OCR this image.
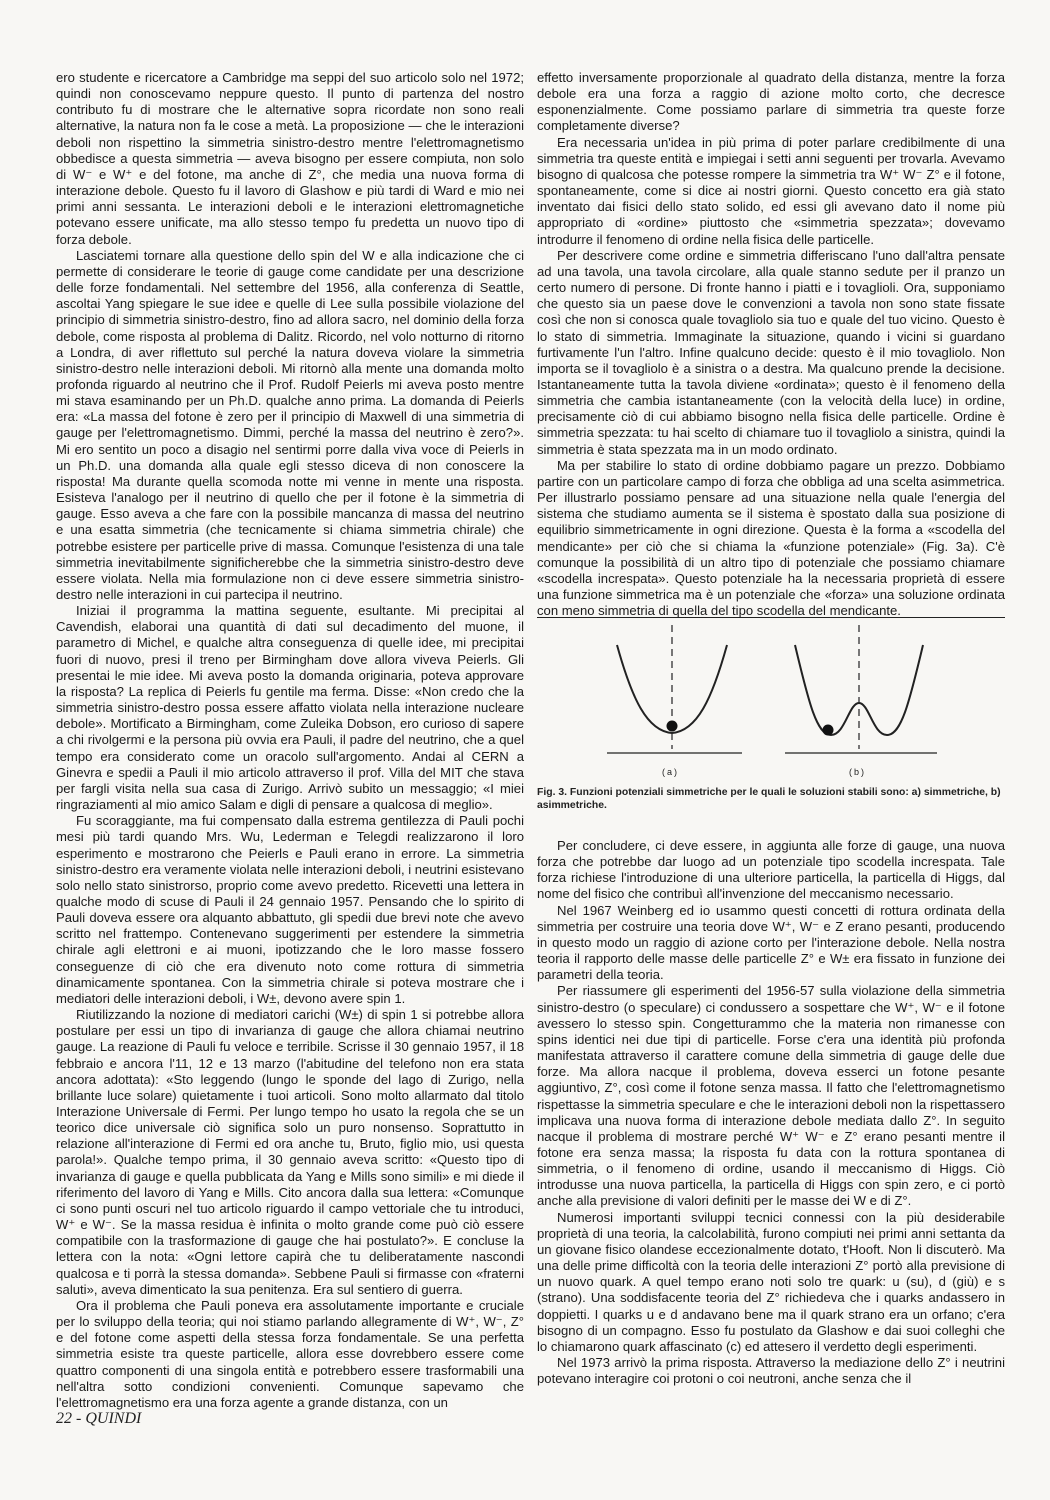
ero studente e ricercatore a Cambridge ma seppi del suo articolo solo nel 1972; quindi non conoscevamo neppure questo. Il punto di partenza del nostro contributo fu di mostrare che le alternative sopra ricordate non sono reali alternative, la natura non fa le cose a metà. La proposizione — che le interazioni deboli non rispettino la simmetria sinistro-destro mentre l'elettromagnetismo obbedisce a questa simmetria — aveva bisogno per essere compiuta, non solo di W⁻ e W⁺ e del fotone, ma anche di Z°, che media una nuova forma di interazione debole. Questo fu il lavoro di Glashow e più tardi di Ward e mio nei primi anni sessanta. Le interazioni deboli e le interazioni elettromagnetiche potevano essere unificate, ma allo stesso tempo fu predetta un nuovo tipo di forza debole.

Lasciatemi tornare alla questione dello spin del W e alla indicazione che ci permette di considerare le teorie di gauge come candidate per una descrizione delle forze fondamentali. Nel settembre del 1956, alla conferenza di Seattle, ascoltai Yang spiegare le sue idee e quelle di Lee sulla possibile violazione del principio di simmetria sinistro-destro, fino ad allora sacro, nel dominio della forza debole, come risposta al problema di Dalitz. Ricordo, nel volo notturno di ritorno a Londra, di aver riflettuto sul perché la natura doveva violare la simmetria sinistro-destro nelle interazioni deboli. Mi ritornò alla mente una domanda molto profonda riguardo al neutrino che il Prof. Rudolf Peierls mi aveva posto mentre mi stava esaminando per un Ph.D. qualche anno prima. La domanda di Peierls era: «La massa del fotone è zero per il principio di Maxwell di una simmetria di gauge per l'elettromagnetismo. Dimmi, perché la massa del neutrino è zero?». Mi ero sentito un poco a disagio nel sentirmi porre dalla viva voce di Peierls in un Ph.D. una domanda alla quale egli stesso diceva di non conoscere la risposta! Ma durante quella scomoda notte mi venne in mente una risposta. Esisteva l'analogo per il neutrino di quello che per il fotone è la simmetria di gauge. Esso aveva a che fare con la possibile mancanza di massa del neutrino e una esatta simmetria (che tecnicamente si chiama simmetria chirale) che potrebbe esistere per particelle prive di massa. Comunque l'esistenza di una tale simmetria inevitabilmente significherebbe che la simmetria sinistro-destro deve essere violata. Nella mia formulazione non ci deve essere simmetria sinistro-destro nelle interazioni in cui partecipa il neutrino.

Iniziai il programma la mattina seguente, esultante. Mi precipitai al Cavendish, elaborai una quantità di dati sul decadimento del muone, il parametro di Michel, e qualche altra conseguenza di quelle idee, mi precipitai fuori di nuovo, presi il treno per Birmingham dove allora viveva Peierls. Gli presentai le mie idee. Mi aveva posto la domanda originaria, poteva approvare la risposta? La replica di Peierls fu gentile ma ferma. Disse: «Non credo che la simmetria sinistro-destro possa essere affatto violata nella interazione nucleare debole». Mortificato a Birmingham, come Zuleika Dobson, ero curioso di sapere a chi rivolgermi e la persona più ovvia era Pauli, il padre del neutrino, che a quel tempo era considerato come un oracolo sull'argomento. Andai al CERN a Ginevra e spedii a Pauli il mio articolo attraverso il prof. Villa del MIT che stava per fargli visita nella sua casa di Zurigo. Arrivò subito un messaggio; «I miei ringraziamenti al mio amico Salam e digli di pensare a qualcosa di meglio».

Fu scoraggiante, ma fui compensato dalla estrema gentilezza di Pauli pochi mesi più tardi quando Mrs. Wu, Lederman e Telegdi realizzarono il loro esperimento e mostrarono che Peierls e Pauli erano in errore. La simmetria sinistro-destro era veramente violata nelle interazioni deboli, i neutrini esistevano solo nello stato sinistrorso, proprio come avevo predetto. Ricevetti una lettera in qualche modo di scuse di Pauli il 24 gennaio 1957. Pensando che lo spirito di Pauli doveva essere ora alquanto abbattuto, gli spedii due brevi note che avevo scritto nel frattempo. Contenevano suggerimenti per estendere la simmetria chirale agli elettroni e ai muoni, ipotizzando che le loro masse fossero conseguenze di ciò che era divenuto noto come rottura di simmetria dinamicamente spontanea. Con la simmetria chirale si poteva mostrare che i mediatori delle interazioni deboli, i W±, devono avere spin 1.

Riutilizzando la nozione di mediatori carichi (W±) di spin 1 si potrebbe allora postulare per essi un tipo di invarianza di gauge che allora chiamai neutrino gauge. La reazione di Pauli fu veloce e terribile. Scrisse il 30 gennaio 1957, il 18 febbraio e ancora l'11, 12 e 13 marzo (l'abitudine del telefono non era stata ancora adottata): «Sto leggendo (lungo le sponde del lago di Zurigo, nella brillante luce solare) quietamente i tuoi articoli. Sono molto allarmato dal titolo Interazione Universale di Fermi. Per lungo tempo ho usato la regola che se un teorico dice universale ciò significa solo un puro nonsenso. Soprattutto in relazione all'interazione di Fermi ed ora anche tu, Bruto, figlio mio, usi questa parola!». Qualche tempo prima, il 30 gennaio aveva scritto: «Questo tipo di invarianza di gauge e quella pubblicata da Yang e Mills sono simili» e mi diede il riferimento del lavoro di Yang e Mills. Cito ancora dalla sua lettera: «Comunque ci sono punti oscuri nel tuo articolo riguardo il campo vettoriale che tu introduci, W⁺ e W⁻. Se la massa residua è infinita o molto grande come può ciò essere compatibile con la trasformazione di gauge che hai postulato?». E concluse la lettera con la nota: «Ogni lettore capirà che tu deliberatamente nascondi qualcosa e ti porrà la stessa domanda». Sebbene Pauli si firmasse con «fraterni saluti», aveva dimenticato la sua penitenza. Era sul sentiero di guerra.

Ora il problema che Pauli poneva era assolutamente importante e cruciale per lo sviluppo della teoria; qui noi stiamo parlando allegramente di W⁺, W⁻, Z° e del fotone come aspetti della stessa forza fondamentale. Se una perfetta simmetria esiste tra queste particelle, allora esse dovrebbero essere come quattro componenti di una singola entità e potrebbero essere trasformabili una nell'altra sotto condizioni convenienti. Comunque sapevamo che l'elettromagnetismo era una forza agente a grande distanza, con un

effetto inversamente proporzionale al quadrato della distanza, mentre la forza debole era una forza a raggio di azione molto corto, che decresce esponenzialmente. Come possiamo parlare di simmetria tra queste forze completamente diverse?

Era necessaria un'idea in più prima di poter parlare credibilmente di una simmetria tra queste entità e impiegai i setti anni seguenti per trovarla. Avevamo bisogno di qualcosa che potesse rompere la simmetria tra W⁺ W⁻ Z° e il fotone, spontaneamente, come si dice ai nostri giorni. Questo concetto era già stato inventato dai fisici dello stato solido, ed essi gli avevano dato il nome più appropriato di «ordine» piuttosto che «simmetria spezzata»; dovevamo introdurre il fenomeno di ordine nella fisica delle particelle.

Per descrivere come ordine e simmetria differiscano l'uno dall'altra pensate ad una tavola, una tavola circolare, alla quale stanno sedute per il pranzo un certo numero di persone. Di fronte hanno i piatti e i tovaglioli. Ora, supponiamo che questo sia un paese dove le convenzioni a tavola non sono state fissate così che non si conosca quale tovagliolo sia tuo e quale del tuo vicino. Questo è lo stato di simmetria. Immaginate la situazione, quando i vicini si guardano furtivamente l'un l'altro. Infine qualcuno decide: questo è il mio tovagliolo. Non importa se il tovagliolo è a sinistra o a destra. Ma qualcuno prende la decisione. Istantaneamente tutta la tavola diviene «ordinata»; questo è il fenomeno della simmetria che cambia istantaneamente (con la velocità della luce) in ordine, precisamente ciò di cui abbiamo bisogno nella fisica delle particelle. Ordine è simmetria spezzata: tu hai scelto di chiamare tuo il tovagliolo a sinistra, quindi la simmetria è stata spezzata ma in un modo ordinato.

Ma per stabilire lo stato di ordine dobbiamo pagare un prezzo. Dobbiamo partire con un particolare campo di forza che obbliga ad una scelta asimmetrica. Per illustrarlo possiamo pensare ad una situazione nella quale l'energia del sistema che studiamo aumenta se il sistema è spostato dalla sua posizione di equilibrio simmetricamente in ogni direzione. Questa è la forma a «scodella del mendicante» per ciò che si chiama la «funzione potenziale» (Fig. 3a). C'è comunque la possibilità di un altro tipo di potenziale che possiamo chiamare «scodella increspata». Questo potenziale ha la necessaria proprietà di essere una funzione simmetrica ma è un potenziale che «forza» una soluzione ordinata con meno simmetria di quella del tipo scodella del mendicante.

(a)	(b)
Fig. 3. Funzioni potenziali simmetriche per le quali le soluzioni stabili sono: a) simmetriche, b) asimmetriche.

Per concludere, ci deve essere, in aggiunta alle forze di gauge, una nuova forza che potrebbe dar luogo ad un potenziale tipo scodella increspata. Tale forza richiese l'introduzione di una ulteriore particella, la particella di Higgs, dal nome del fisico che contribuì all'invenzione del meccanismo necessario.

Nel 1967 Weinberg ed io usammo questi concetti di rottura ordinata della simmetria per costruire una teoria dove W⁺, W⁻ e Z erano pesanti, producendo in questo modo un raggio di azione corto per l'interazione debole. Nella nostra teoria il rapporto delle masse delle particelle Z° e W± era fissato in funzione dei parametri della teoria.

Per riassumere gli esperimenti del 1956-57 sulla violazione della simmetria sinistro-destro (o speculare) ci condussero a sospettare che W⁺, W⁻ e il fotone avessero lo stesso spin. Congetturammo che la materia non rimanesse con spins identici nei due tipi di particelle. Forse c'era una identità più profonda manifestata attraverso il carattere comune della simmetria di gauge delle due forze. Ma allora nacque il problema, doveva esserci un fotone pesante aggiuntivo, Z°, così come il fotone senza massa. Il fatto che l'elettromagnetismo rispettasse la simmetria speculare e che le interazioni deboli non la rispettassero implicava una nuova forma di interazione debole mediata dallo Z°. In seguito nacque il problema di mostrare perché W⁺ W⁻ e Z° erano pesanti mentre il fotone era senza massa; la risposta fu data con la rottura spontanea di simmetria, o il fenomeno di ordine, usando il meccanismo di Higgs. Ciò introdusse una nuova particella, la particella di Higgs con spin zero, e ci portò anche alla previsione di valori definiti per le masse dei W e di Z°.

Numerosi importanti sviluppi tecnici connessi con la più desiderabile proprietà di una teoria, la calcolabilità, furono compiuti nei primi anni settanta da un giovane fisico olandese eccezionalmente dotato, t'Hooft. Non li discuterò. Ma una delle prime difficoltà con la teoria delle interazioni Z° portò alla previsione di un nuovo quark. A quel tempo erano noti solo tre quark: u (su), d (giù) e s (strano). Una soddisfacente teoria del Z° richiedeva che i quarks andassero in doppietti. I quarks u e d andavano bene ma il quark strano era un orfano; c'era bisogno di un compagno. Esso fu postulato da Glashow e dai suoi colleghi che lo chiamarono quark affascinato (c) ed attesero il verdetto degli esperimenti.

Nel 1973 arrivò la prima risposta. Attraverso la mediazione dello Z° i neutrini potevano interagire coi protoni o coi neutroni, anche senza che il

22 - QUINDI
